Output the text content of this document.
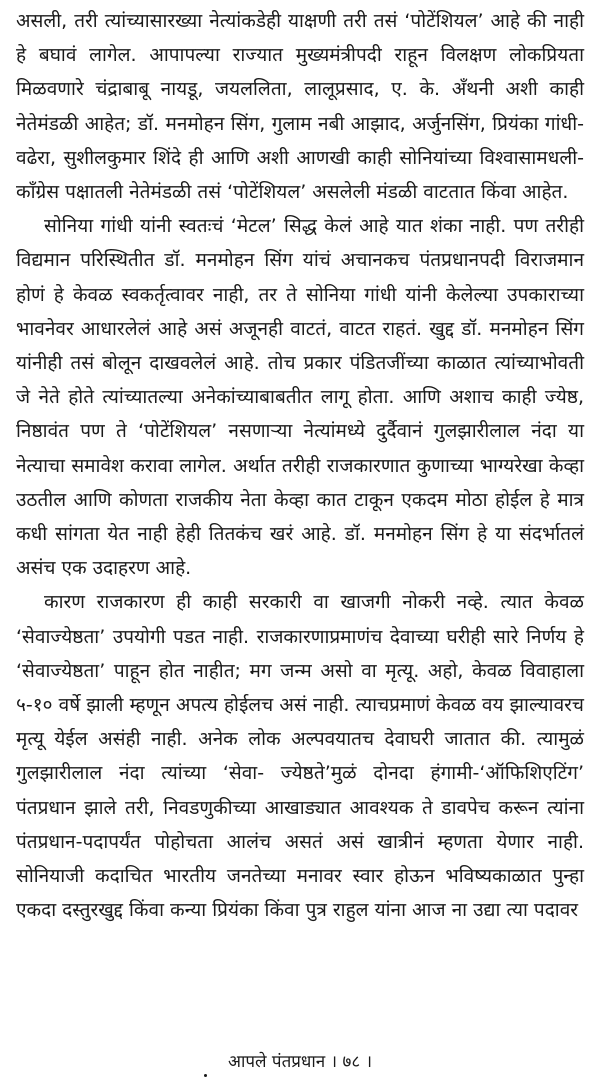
असली, तरी त्यांच्यासारख्या नेत्यांकडेही याक्षणी तरी तसं ‘पोटेंशियल’ आहे की नाही हे बघावं लागेल. आपापल्या राज्यात मुख्यमंत्रीपदी राहून विलक्षण लोकप्रियता मिळवणारे चंद्राबाबू नायडू, जयललिता, लालूप्रसाद, ए. के. अँथनी अशी काही नेतेमंडळी आहेत; डॉ. मनमोहन सिंग, गुलाम नबी आझाद, अर्जुनसिंग, प्रियंका गांधी-वढेरा, सुशीलकुमार शिंदे ही आणि अशी आणखी काही सोनियांच्या विश्वासामधली-कॉंग्रेस पक्षातली नेतेमंडळी तसं ‘पोटेंशियल’ असलेली मंडळी वाटतात किंवा आहेत.

सोनिया गांधी यांनी स्वतःचं ‘मेटल’ सिद्ध केलं आहे यात शंका नाही. पण तरीही विद्यमान परिस्थितीत डॉ. मनमोहन सिंग यांचं अचानकच पंतप्रधानपदी विराजमान होणं हे केवळ स्वकर्तृत्वावर नाही, तर ते सोनिया गांधी यांनी केलेल्या उपकाराच्या भावनेवर आधारलेलं आहे असं अजूनही वाटतं, वाटत राहतं. खुद्द डॉ. मनमोहन सिंग यांनीही तसं बोलून दाखवलेलं आहे. तोच प्रकार पंडितजींच्या काळात त्यांच्याभोवती जे नेते होते त्यांच्यातल्या अनेकांच्याबाबतीत लागू होता. आणि अशाच काही ज्येष्ठ, निष्ठावंत पण ते ‘पोटेंशियल’ नसणाऱ्या नेत्यांमध्ये दुर्दैवानं गुलझारीलाल नंदा या नेत्याचा समावेश करावा लागेल. अर्थात तरीही राजकारणात कुणाच्या भाग्यरेखा केव्हा उठतील आणि कोणता राजकीय नेता केव्हा कात टाकून एकदम मोठा होईल हे मात्र कधी सांगता येत नाही हेही तितकंच खरं आहे. डॉ. मनमोहन सिंग हे या संदर्भातलं असंच एक उदाहरण आहे.

कारण राजकारण ही काही सरकारी वा खाजगी नोकरी नव्हे. त्यात केवळ ‘सेवाज्येष्ठता’ उपयोगी पडत नाही. राजकारणाप्रमाणंच देवाच्या घरीही सारे निर्णय हे ‘सेवाज्येष्ठता’ पाहून होत नाहीत; मग जन्म असो वा मृत्यू. अहो, केवळ विवाहाला ५-१० वर्षे झाली म्हणून अपत्य होईलच असं नाही. त्याचप्रमाणं केवळ वय झाल्यावरच मृत्यू येईल असंही नाही. अनेक लोक अल्पवयातच देवाघरी जातात की. त्यामुळं गुलझारीलाल नंदा त्यांच्या ‘सेवा- ज्येष्ठते’मुळं दोनदा हंगामी-‘ऑफिशिएटिंग’ पंतप्रधान झाले तरी, निवडणुकीच्या आखाड्यात आवश्यक ते डावपेच करून त्यांना पंतप्रधान-पदापर्यंत पोहोचता आलंच असतं असं खात्रीनं म्हणता येणार नाही. सोनियाजी कदाचित भारतीय जनतेच्या मनावर स्वार होऊन भविष्यकाळात पुन्हा एकदा दस्तुरखुद्द किंवा कन्या प्रियंका किंवा पुत्र राहुल यांना आज ना उद्या त्या पदावर

आपले पंतप्रधान । ७८ ।
